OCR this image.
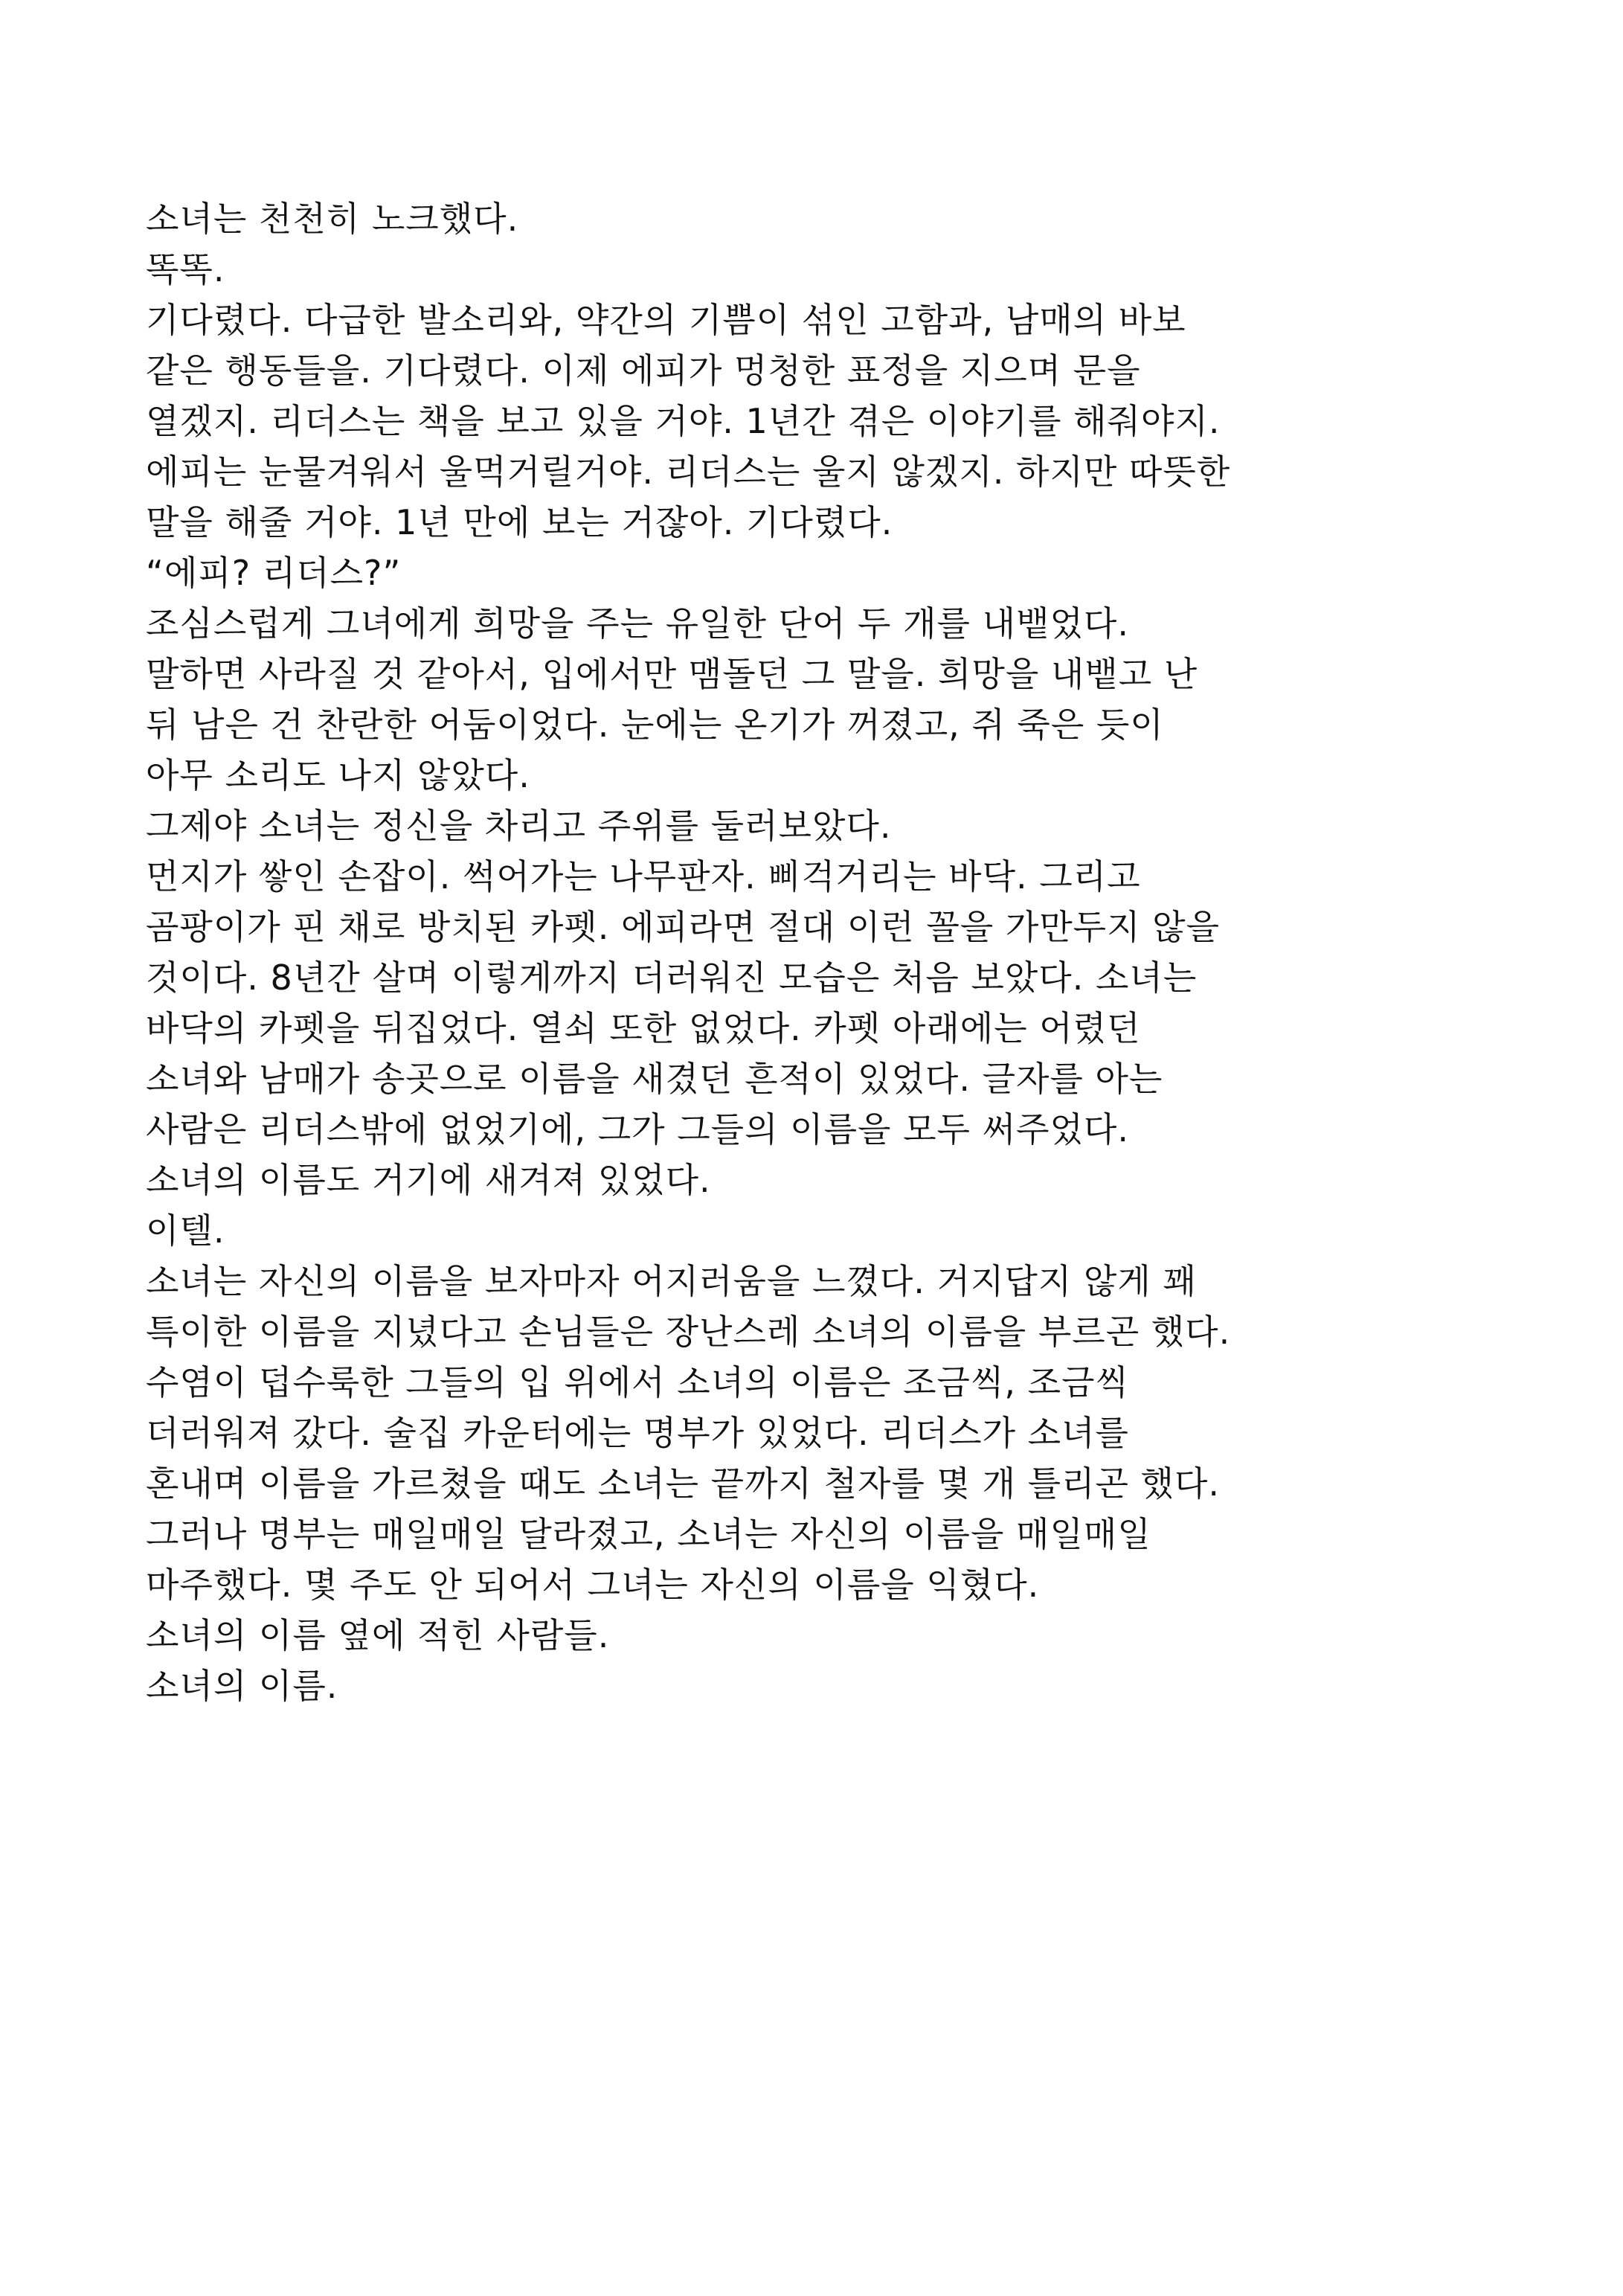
소녀는 천천히 노크했다.
똑똑.
기다렸다. 다급한 발소리와, 약간의 기쁨이 섞인 고함과, 남매의 바보
같은 행동들을. 기다렸다. 이제 에피가 멍청한 표정을 지으며 문을
열겠지. 리더스는 책을 보고 있을 거야. 1년간 겪은 이야기를 해줘야지.
에피는 눈물겨워서 울먹거릴거야. 리더스는 울지 않겠지. 하지만 따뜻한
말을 해줄 거야. 1년 만에 보는 거잖아. 기다렸다.
“에피? 리더스?”
조심스럽게 그녀에게 희망을 주는 유일한 단어 두 개를 내뱉었다.
말하면 사라질 것 같아서, 입에서만 맴돌던 그 말을. 희망을 내뱉고 난
뒤 남은 건 찬란한 어둠이었다. 눈에는 온기가 꺼졌고, 쥐 죽은 듯이
아무 소리도 나지 않았다.
그제야 소녀는 정신을 차리고 주위를 둘러보았다.
먼지가 쌓인 손잡이. 썩어가는 나무판자. 삐걱거리는 바닥. 그리고
곰팡이가 핀 채로 방치된 카펫. 에피라면 절대 이런 꼴을 가만두지 않을
것이다. 8년간 살며 이렇게까지 더러워진 모습은 처음 보았다. 소녀는
바닥의 카펫을 뒤집었다. 열쇠 또한 없었다. 카펫 아래에는 어렸던
소녀와 남매가 송곳으로 이름을 새겼던 흔적이 있었다. 글자를 아는
사람은 리더스밖에 없었기에, 그가 그들의 이름을 모두 써주었다.
소녀의 이름도 거기에 새겨져 있었다.
이텔.
소녀는 자신의 이름을 보자마자 어지러움을 느꼈다. 거지답지 않게 꽤
특이한 이름을 지녔다고 손님들은 장난스레 소녀의 이름을 부르곤 했다.
수염이 덥수룩한 그들의 입 위에서 소녀의 이름은 조금씩, 조금씩
더러워져 갔다. 술집 카운터에는 명부가 있었다. 리더스가 소녀를
혼내며 이름을 가르쳤을 때도 소녀는 끝까지 철자를 몇 개 틀리곤 했다.
그러나 명부는 매일매일 달라졌고, 소녀는 자신의 이름을 매일매일
마주했다. 몇 주도 안 되어서 그녀는 자신의 이름을 익혔다.
소녀의 이름 옆에 적힌 사람들.
소녀의 이름.
